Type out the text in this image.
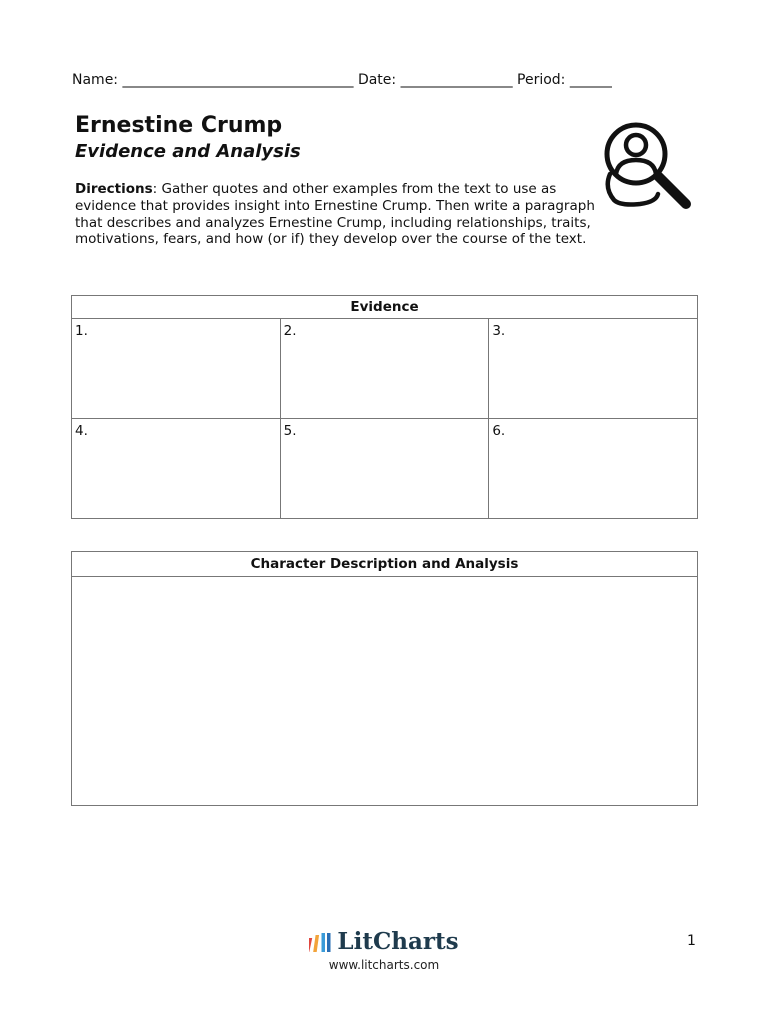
Name: _________________________________ Date: ________________ Period: ______
Ernestine Crump
Evidence and Analysis

Directions: Gather quotes and other examples from the text to use as evidence that provides insight into Ernestine Crump. Then write a paragraph that describes and analyzes Ernestine Crump, including relationships, traits, motivations, fears, and how (or if) they develop over the course of the text.

Evidence		
1.	2.	3.
4.	5.	6.
Character Description and Analysis
LitCharts
www.litcharts.com
1
